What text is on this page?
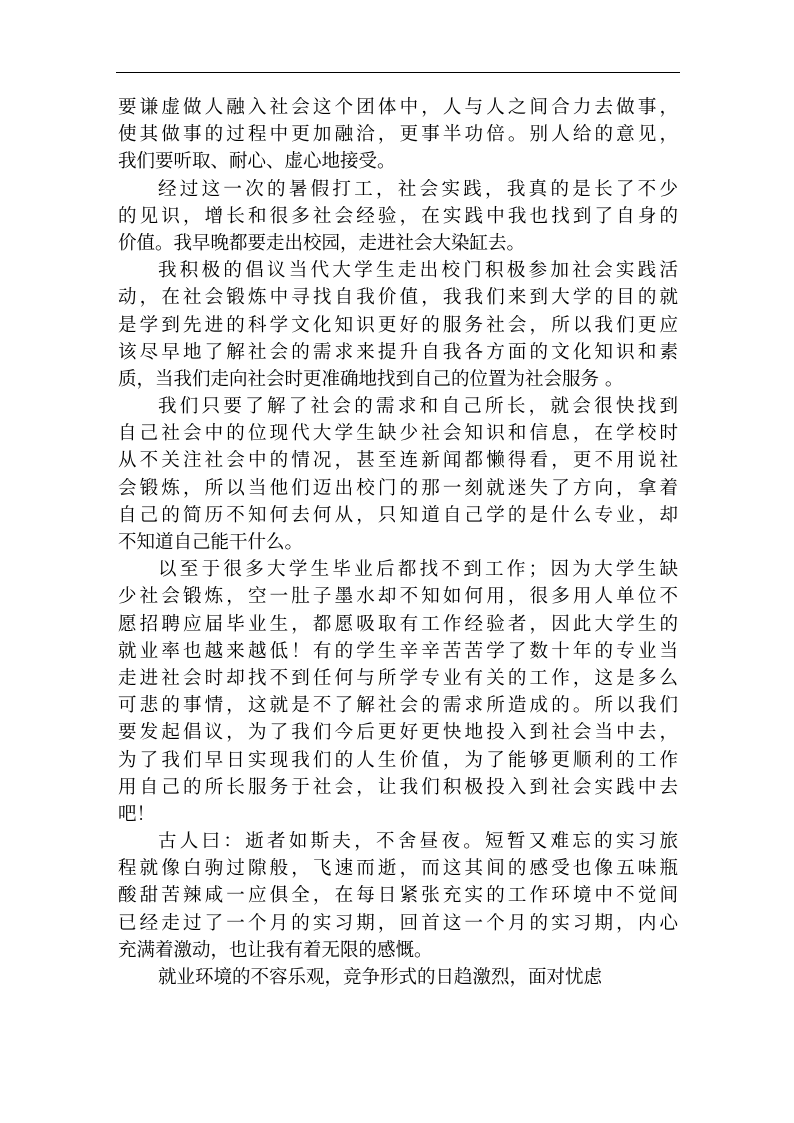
要谦虚做人融入社会这个团体中，人与人之间合力去做事，
使其做事的过程中更加融洽，更事半功倍。别人给的意见，
我们要听取、耐心、虚心地接受。
经过这一次的暑假打工，社会实践，我真的是长了不少
的见识，增长和很多社会经验，在实践中我也找到了自身的
价值。我早晚都要走出校园，走进社会大染缸去。
我积极的倡议当代大学生走出校门积极参加社会实践活
动，在社会锻炼中寻找自我价值，我我们来到大学的目的就
是学到先进的科学文化知识更好的服务社会，所以我们更应
该尽早地了解社会的需求来提升自我各方面的文化知识和素
质，当我们走向社会时更准确地找到自己的位置为社会服务 。
我们只要了解了社会的需求和自己所长，就会很快找到
自己社会中的位现代大学生缺少社会知识和信息，在学校时
从不关注社会中的情况，甚至连新闻都懒得看，更不用说社
会锻炼，所以当他们迈出校门的那一刻就迷失了方向，拿着
自己的简历不知何去何从，只知道自己学的是什么专业，却
不知道自己能干什么。
以至于很多大学生毕业后都找不到工作；因为大学生缺
少社会锻炼，空一肚子墨水却不知如何用，很多用人单位不
愿招聘应届毕业生，都愿吸取有工作经验者，因此大学生的
就业率也越来越低！有的学生辛辛苦苦学了数十年的专业当
走进社会时却找不到任何与所学专业有关的工作，这是多么
可悲的事情，这就是不了解社会的需求所造成的。所以我们
要发起倡议，为了我们今后更好更快地投入到社会当中去，
为了我们早日实现我们的人生价值，为了能够更顺利的工作
用自己的所长服务于社会，让我们积极投入到社会实践中去
吧！
古人曰：逝者如斯夫，不舍昼夜。短暂又难忘的实习旅
程就像白驹过隙般，飞速而逝，而这其间的感受也像五味瓶
酸甜苦辣咸一应俱全，在每日紧张充实的工作环境中不觉间
已经走过了一个月的实习期，回首这一个月的实习期，内心
充满着激动，也让我有着无限的感慨。
就业环境的不容乐观，竞争形式的日趋激烈，面对忧虑
